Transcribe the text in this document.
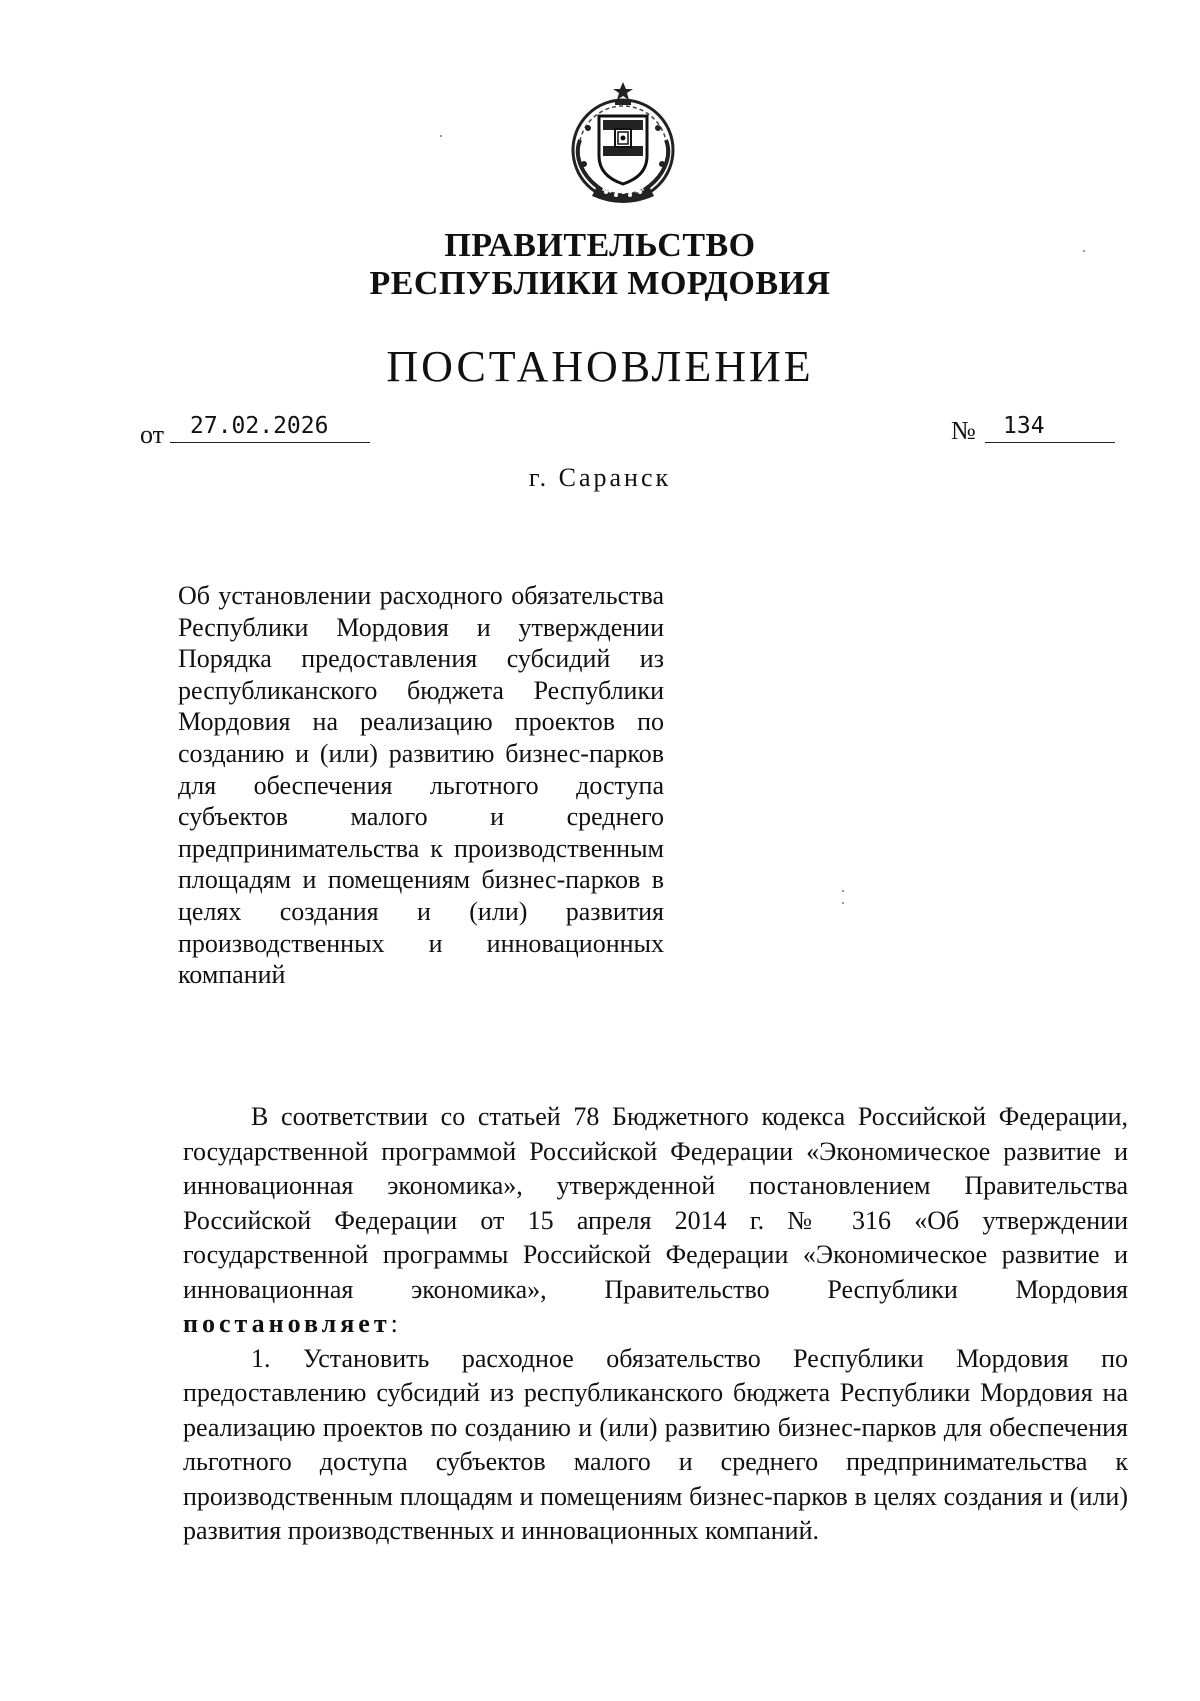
ПРАВИТЕЛЬСТВО
РЕСПУБЛИКИ МОРДОВИЯ
ПОСТАНОВЛЕНИЕ
от 27.02.2026	№ 134
г. Саранск
Об установлении расходного обязательства Республики Мордовия и утверждении Порядка предоставления субсидий из республиканского бюджета Республики Мордовия на реализацию проектов по созданию и (или) развитию бизнес-парков для обеспечения льготного доступа субъектов малого и среднего предпринимательства к производственным площадям и помещениям бизнес-парков в целях создания и (или) развития производственных и инновационных компаний

В соответствии со статьей 78 Бюджетного кодекса Российской Федерации, государственной программой Российской Федерации «Экономическое развитие и инновационная экономика», утвержденной постановлением Правительства Российской Федерации от 15 апреля 2014 г. № 316 «Об утверждении государственной программы Российской Федерации «Экономическое развитие и инновационная экономика», Правительство Республики Мордовия постановляет:

1. Установить расходное обязательство Республики Мордовия по предоставлению субсидий из республиканского бюджета Республики Мордовия на реализацию проектов по созданию и (или) развитию бизнес-парков для обеспечения льготного доступа субъектов малого и среднего предпринимательства к производственным площадям и помещениям бизнес-парков в целях создания и (или) развития производственных и инновационных компаний.
